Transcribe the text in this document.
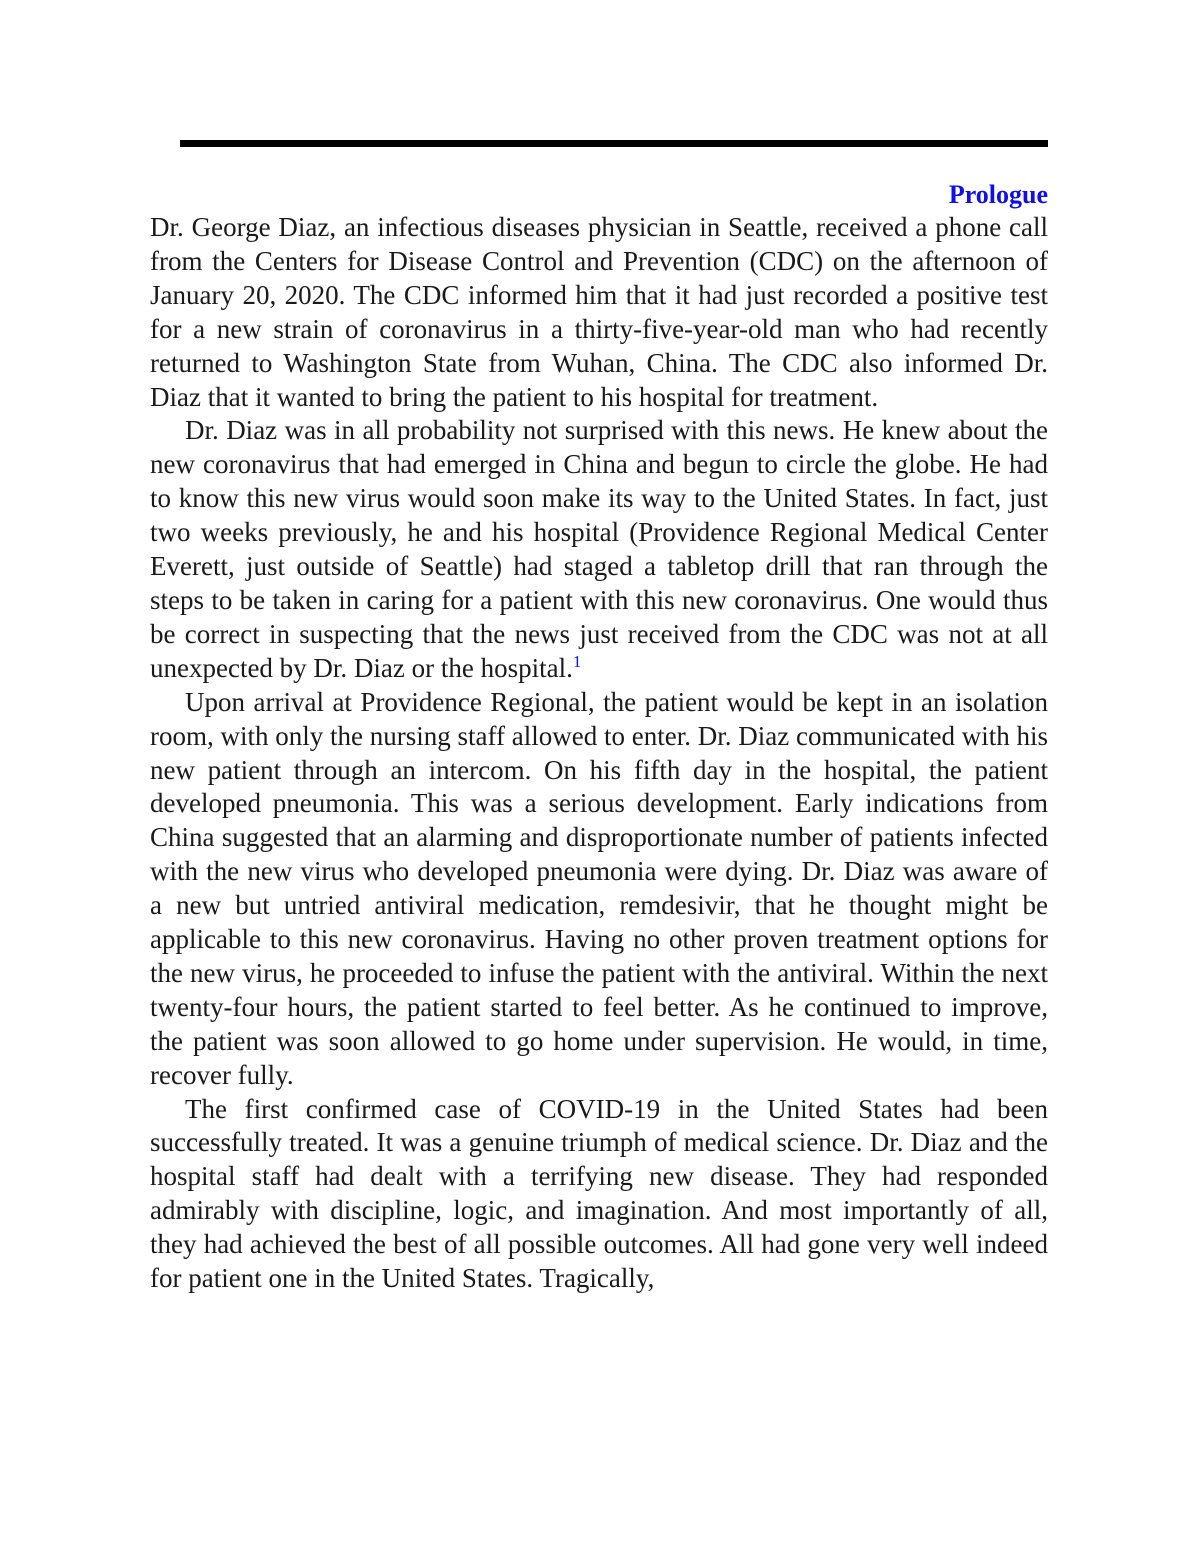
Prologue

Dr. George Diaz, an infectious diseases physician in Seattle, received a phone call from the Centers for Disease Control and Prevention (CDC) on the afternoon of January 20, 2020. The CDC informed him that it had just recorded a positive test for a new strain of coronavirus in a thirty-five-year-old man who had recently returned to Washington State from Wuhan, China. The CDC also informed Dr. Diaz that it wanted to bring the patient to his hospital for treatment.

Dr. Diaz was in all probability not surprised with this news. He knew about the new coronavirus that had emerged in China and begun to circle the globe. He had to know this new virus would soon make its way to the United States. In fact, just two weeks previously, he and his hospital (Providence Regional Medical Center Everett, just outside of Seattle) had staged a tabletop drill that ran through the steps to be taken in caring for a patient with this new coronavirus. One would thus be correct in suspecting that the news just received from the CDC was not at all unexpected by Dr. Diaz or the hospital.$^1$

Upon arrival at Providence Regional, the patient would be kept in an isolation room, with only the nursing staff allowed to enter. Dr. Diaz communicated with his new patient through an intercom. On his fifth day in the hospital, the patient developed pneumonia. This was a serious development. Early indications from China suggested that an alarming and disproportionate number of patients infected with the new virus who developed pneumonia were dying. Dr. Diaz was aware of a new but untried antiviral medication, remdesivir, that he thought might be applicable to this new coronavirus. Having no other proven treatment options for the new virus, he proceeded to infuse the patient with the antiviral. Within the next twenty-four hours, the patient started to feel better. As he continued to improve, the patient was soon allowed to go home under supervision. He would, in time, recover fully.

The first confirmed case of COVID-19 in the United States had been successfully treated. It was a genuine triumph of medical science. Dr. Diaz and the hospital staff had dealt with a terrifying new disease. They had responded admirably with discipline, logic, and imagination. And most importantly of all, they had achieved the best of all possible outcomes. All had gone very well indeed for patient one in the United States. Tragically,
